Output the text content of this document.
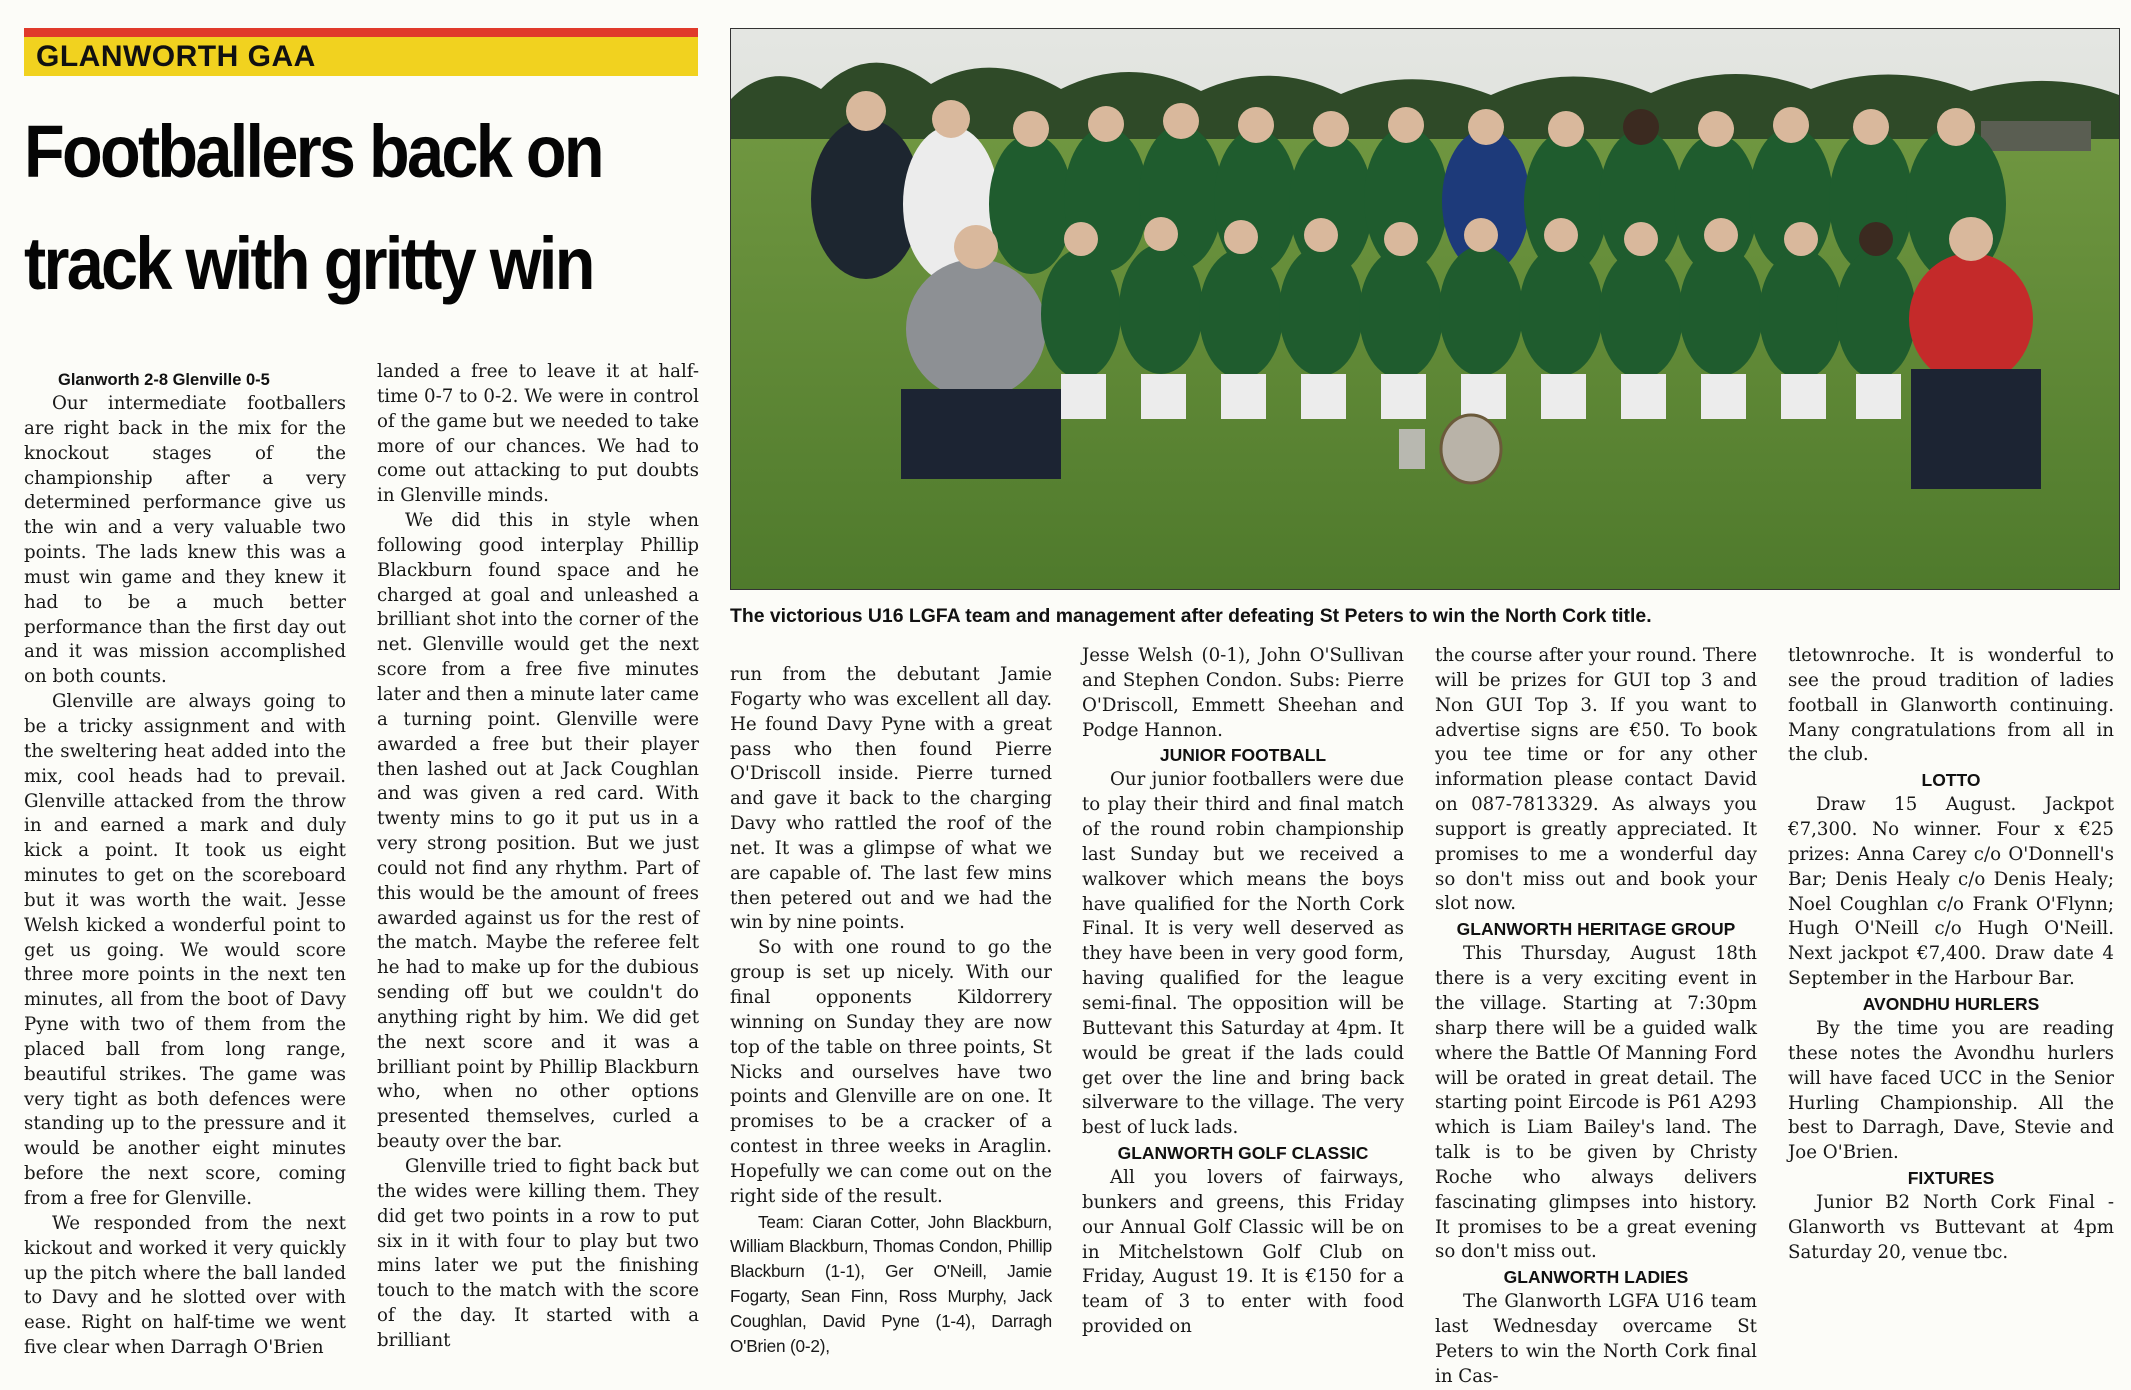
GLANWORTH GAA
Footballers back on
track with gritty win
The victorious U16 LGFA team and management after defeating St Peters to win the North Cork title.
Glanworth 2-8 Glenville 0-5

Our intermediate footballers are right back in the mix for the knockout stages of the championship after a very determined performance give us the win and a very valuable two points. The lads knew this was a must win game and they knew it had to be a much better performance than the first day out and it was mission accomplished on both counts.

Glenville are always going to be a tricky assignment and with the sweltering heat added into the mix, cool heads had to prevail. Glenville attacked from the throw in and earned a mark and duly kick a point. It took us eight minutes to get on the scoreboard but it was worth the wait. Jesse Welsh kicked a wonderful point to get us going. We would score three more points in the next ten minutes, all from the boot of Davy Pyne with two of them from the placed ball from long range, beautiful strikes. The game was very tight as both defences were standing up to the pressure and it would be another eight minutes before the next score, coming from a free for Glenville.

We responded from the next kickout and worked it very quickly up the pitch where the ball landed to Davy and he slotted over with ease. Right on half-time we went five clear when Darragh O'Brien

landed a free to leave it at half-time 0-7 to 0-2. We were in control of the game but we needed to take more of our chances. We had to come out attacking to put doubts in Glenville minds.

We did this in style when following good interplay Phillip Blackburn found space and he charged at goal and unleashed a brilliant shot into the corner of the net. Glenville would get the next score from a free five minutes later and then a minute later came a turning point. Glenville were awarded a free but their player then lashed out at Jack Coughlan and was given a red card. With twenty mins to go it put us in a very strong position. But we just could not find any rhythm. Part of this would be the amount of frees awarded against us for the rest of the match. Maybe the referee felt he had to make up for the dubious sending off but we couldn't do anything right by him. We did get the next score and it was a brilliant point by Phillip Blackburn who, when no other options presented themselves, curled a beauty over the bar.

Glenville tried to fight back but the wides were killing them. They did get two points in a row to put six in it with four to play but two mins later we put the finishing touch to the match with the score of the day. It started with a brilliant

run from the debutant Jamie Fogarty who was excellent all day. He found Davy Pyne with a great pass who then found Pierre O'Driscoll inside. Pierre turned and gave it back to the charging Davy who rattled the roof of the net. It was a glimpse of what we are capable of. The last few mins then petered out and we had the win by nine points.

So with one round to go the group is set up nicely. With our final opponents Kildorrery winning on Sunday they are now top of the table on three points, St Nicks and ourselves have two points and Glenville are on one. It promises to be a cracker of a contest in three weeks in Araglin. Hopefully we can come out on the right side of the result.

Team: Ciaran Cotter, John Blackburn, William Blackburn, Thomas Condon, Phillip Blackburn (1-1), Ger O'Neill, Jamie Fogarty, Sean Finn, Ross Murphy, Jack Coughlan, David Pyne (1-4), Darragh O'Brien (0-2),

Jesse Welsh (0-1), John O'Sullivan and Stephen Condon. Subs: Pierre O'Driscoll, Emmett Sheehan and Podge Hannon.

JUNIOR FOOTBALL

Our junior footballers were due to play their third and final match of the round robin championship last Sunday but we received a walkover which means the boys have qualified for the North Cork Final. It is very well deserved as they have been in very good form, having qualified for the league semi-final. The opposition will be Buttevant this Saturday at 4pm. It would be great if the lads could get over the line and bring back silverware to the village. The very best of luck lads.

GLANWORTH GOLF CLASSIC

All you lovers of fairways, bunkers and greens, this Friday our Annual Golf Classic will be on in Mitchelstown Golf Club on Friday, August 19. It is €150 for a team of 3 to enter with food provided on

the course after your round. There will be prizes for GUI top 3 and Non GUI Top 3. If you want to advertise signs are €50. To book you tee time or for any other information please contact David on 087-7813329. As always you support is greatly appreciated. It promises to me a wonderful day so don't miss out and book your slot now.

GLANWORTH HERITAGE GROUP

This Thursday, August 18th there is a very exciting event in the village. Starting at 7:30pm sharp there will be a guided walk where the Battle Of Manning Ford will be orated in great detail. The starting point Eircode is P61 A293 which is Liam Bailey's land. The talk is to be given by Christy Roche who always delivers fascinating glimpses into history. It promises to be a great evening so don't miss out.

GLANWORTH LADIES

The Glanworth LGFA U16 team last Wednesday overcame St Peters to win the North Cork final in Cas-

tletownroche. It is wonderful to see the proud tradition of ladies football in Glanworth continuing. Many congratulations from all in the club.

LOTTO

Draw 15 August. Jackpot €7,300. No winner. Four x €25 prizes: Anna Carey c/o O'Donnell's Bar; Denis Healy c/o Denis Healy; Noel Coughlan c/o Frank O'Flynn; Hugh O'Neill c/o Hugh O'Neill. Next jackpot €7,400. Draw date 4 September in the Harbour Bar.

AVONDHU HURLERS

By the time you are reading these notes the Avondhu hurlers will have faced UCC in the Senior Hurling Championship. All the best to Darragh, Dave, Stevie and Joe O'Brien.

FIXTURES

Junior B2 North Cork Final - Glanworth vs Buttevant at 4pm Saturday 20, venue tbc.
